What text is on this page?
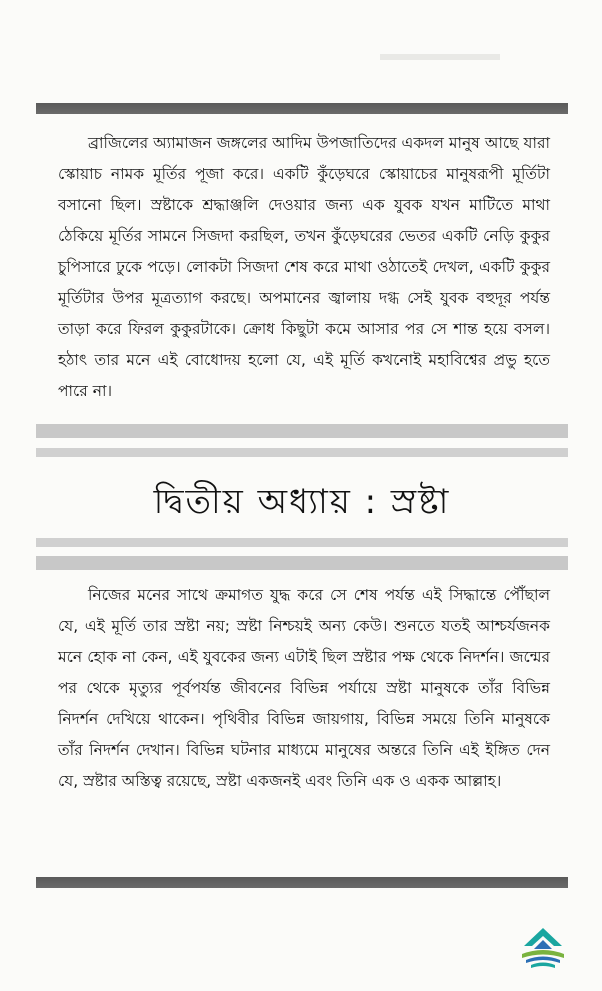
ব্রাজিলের অ্যামাজন জঙ্গলের আদিম উপজাতিদের একদল মানুষ আছে যারা স্কোয়াচ নামক মূর্তির পূজা করে। একটি কুঁড়েঘরে স্কোয়াচের মানুষরূপী মূর্তিটা বসানো ছিল। স্রষ্টাকে শ্রদ্ধাঞ্জলি দেওয়ার জন্য এক যুবক যখন মাটিতে মাথা ঠেকিয়ে মূর্তির সামনে সিজদা করছিল, তখন কুঁড়েঘরের ভেতর একটি নেড়ি কুকুর চুপিসারে ঢুকে পড়ে। লোকটা সিজদা শেষ করে মাথা ওঠাতেই দেখল, একটি কুকুর মূর্তিটার উপর মূত্রত্যাগ করছে। অপমানের জ্বালায় দগ্ধ সেই যুবক বহুদূর পর্যন্ত তাড়া করে ফিরল কুকুরটাকে। ক্রোধ কিছুটা কমে আসার পর সে শান্ত হয়ে বসল। হঠাৎ তার মনে এই বোধোদয় হলো যে, এই মূর্তি কখনোই মহাবিশ্বের প্রভু হতে পারে না।

দ্বিতীয় অধ্যায় : স্রষ্টা

নিজের মনের সাথে ক্রমাগত যুদ্ধ করে সে শেষ পর্যন্ত এই সিদ্ধান্তে পৌঁছাল যে, এই মূর্তি তার স্রষ্টা নয়; স্রষ্টা নিশ্চয়ই অন্য কেউ। শুনতে যতই আশ্চর্যজনক মনে হোক না কেন, এই যুবকের জন্য এটাই ছিল স্রষ্টার পক্ষ থেকে নিদর্শন। জন্মের পর থেকে মৃত্যুর পূর্বপর্যন্ত জীবনের বিভিন্ন পর্যায়ে স্রষ্টা মানুষকে তাঁর বিভিন্ন নিদর্শন দেখিয়ে থাকেন। পৃথিবীর বিভিন্ন জায়গায়, বিভিন্ন সময়ে তিনি মানুষকে তাঁর নিদর্শন দেখান। বিভিন্ন ঘটনার মাধ্যমে মানুষের অন্তরে তিনি এই ইঙ্গিত দেন যে, স্রষ্টার অস্তিত্ব রয়েছে, স্রষ্টা একজনই এবং তিনি এক ও একক আল্লাহ।
